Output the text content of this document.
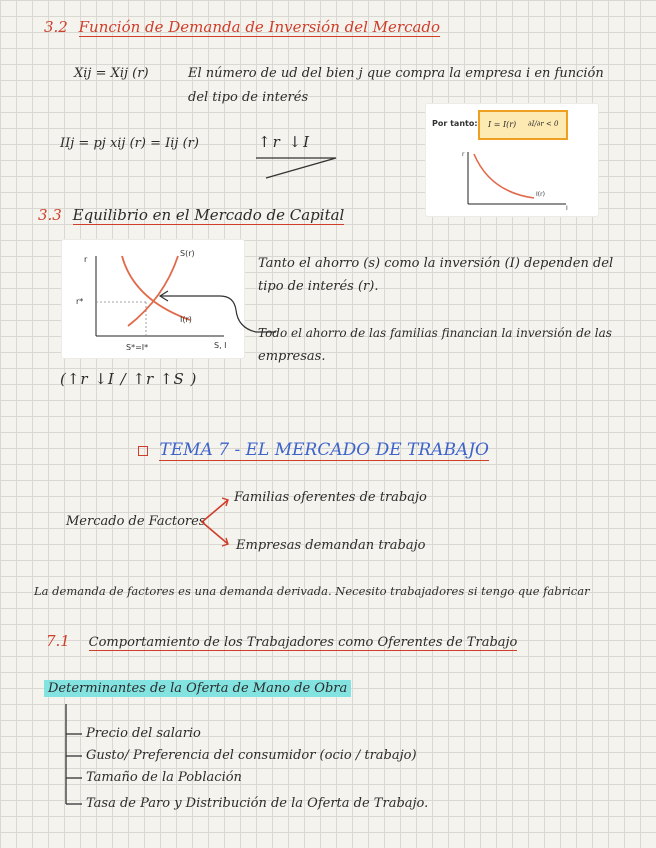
3.2 Función de Demanda de Inversión del Mercado
Xij = Xij (r)	El número de ud del bien j que compra la empresa i en función
del tipo de interés
IIj = pj xij (r) = Iij (r)	↑r ↓I
Por tanto: I = I(r) ∂I/∂r < 0
r
I(r)
I
3.3 Equilibrio en el Mercado de Capital
r
r*
S(r)
I(r)
S*=I*	S, I
Tanto el ahorro (s) como la inversión (I) dependen del
tipo de interés (r).
Todo el ahorro de las familias financian la inversión de las
empresas.
(↑r ↓I / ↑r ↑S )
TEMA 7 - EL MERCADO DE TRABAJO
Mercado de Factores
Familias oferentes de trabajo
Empresas demandan trabajo
La demanda de factores es una demanda derivada. Necesito trabajadores si tengo que fabricar
7.1 Comportamiento de los Trabajadores como Oferentes de Trabajo
Determinantes de la Oferta de Mano de Obra
Precio del salario
Gusto/ Preferencia del consumidor (ocio / trabajo)
Tamaño de la Población
Tasa de Paro y Distribución de la Oferta de Trabajo.
